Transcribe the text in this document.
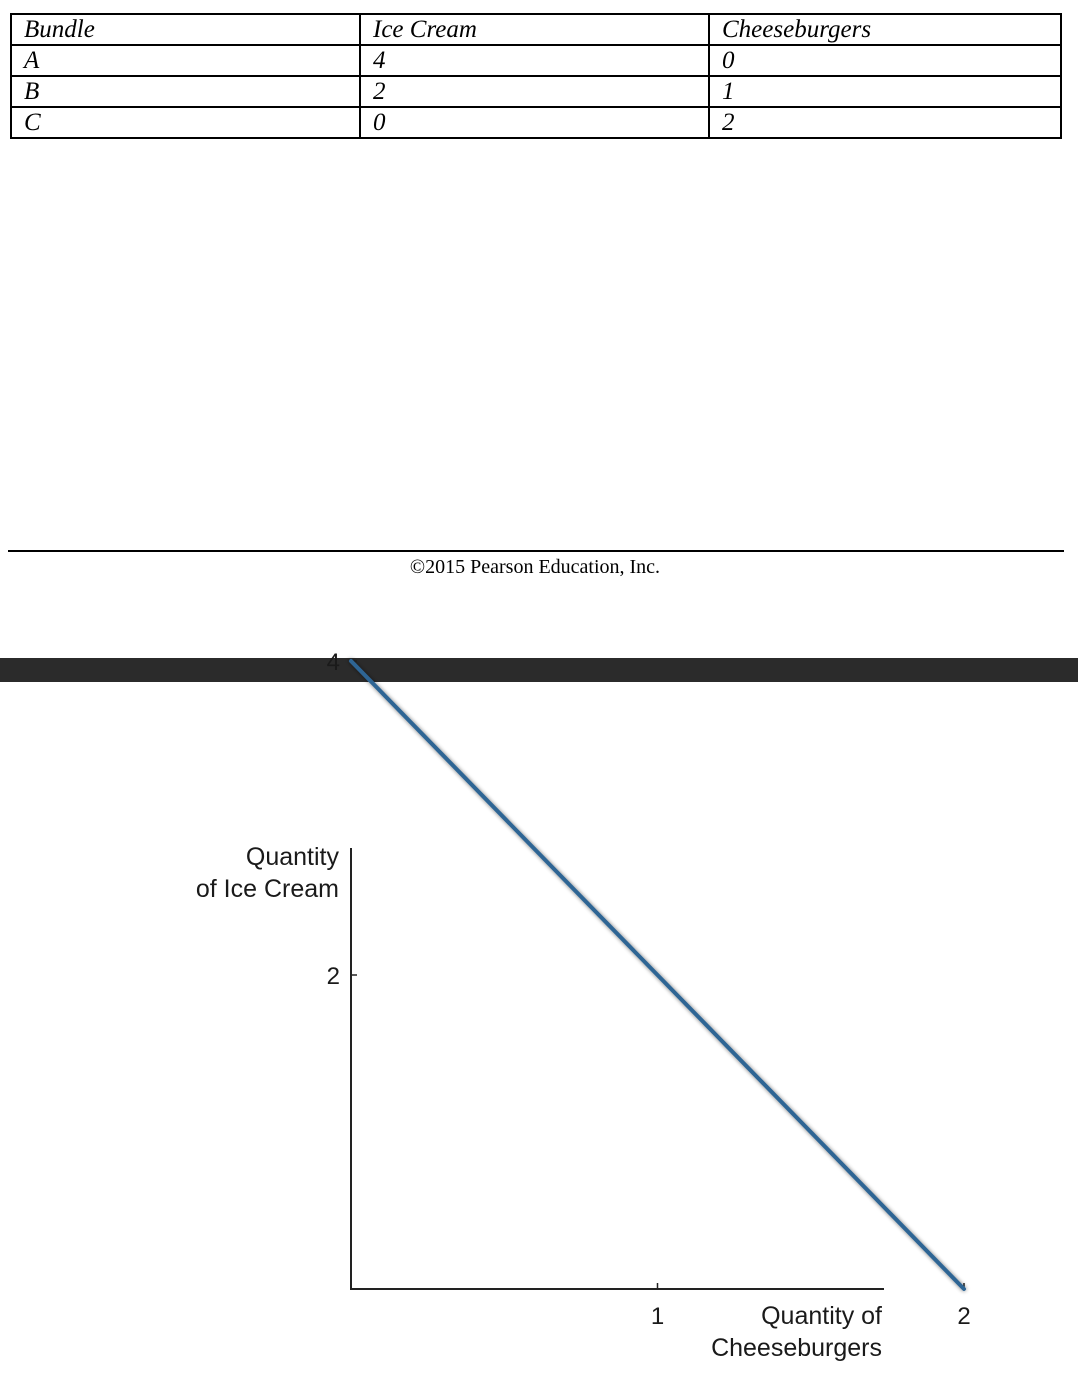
Bundle	Ice Cream	Cheeseburgers
A	4	0
B	2	1
C	0	2
©2015 Pearson Education, Inc.
1	2
2
4
Quantity
of Ice Cream
Quantity of
Cheeseburgers
